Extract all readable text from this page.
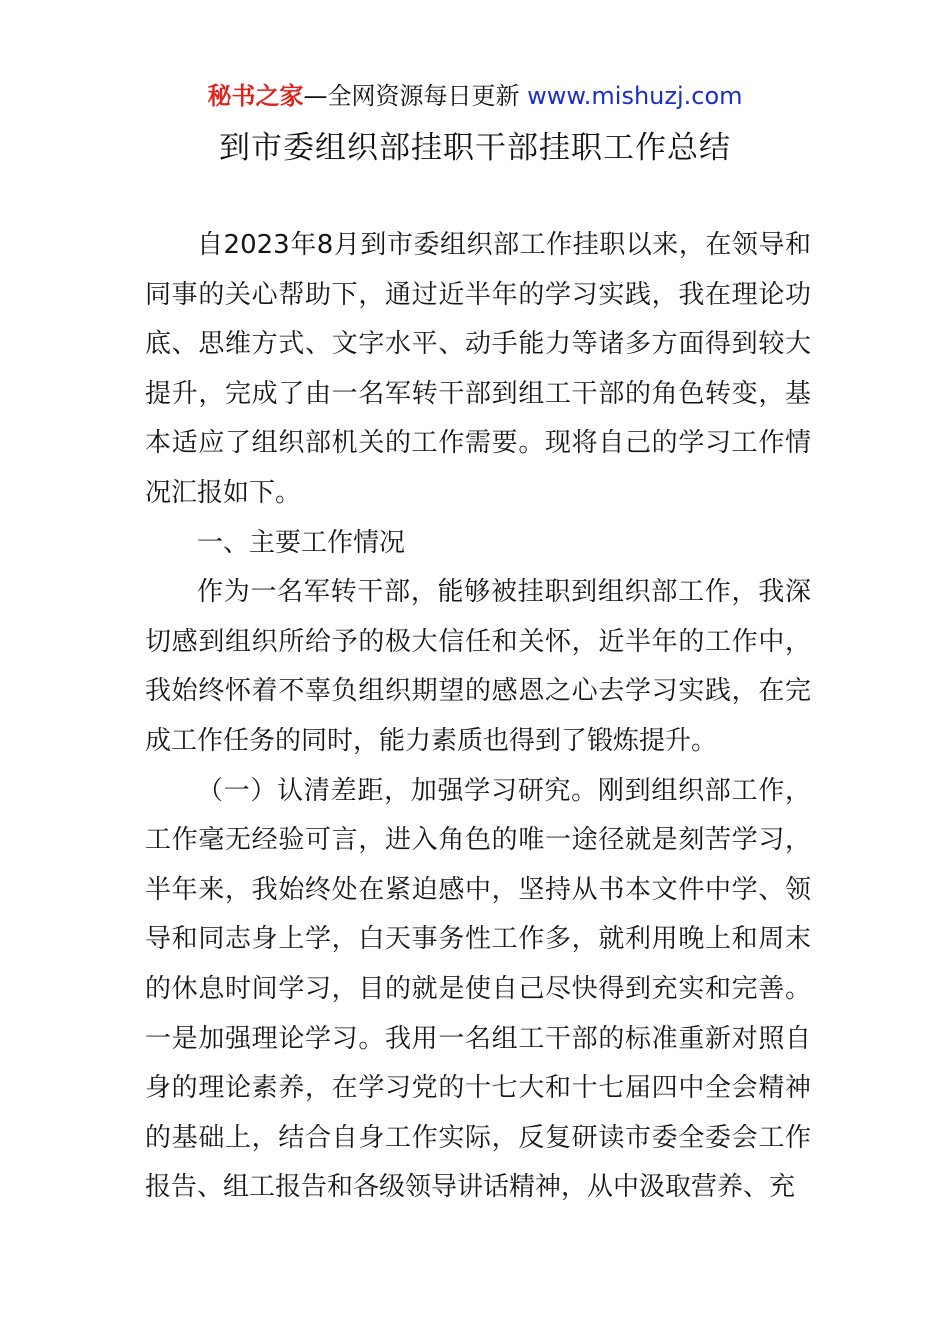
秘书之家—全网资源每日更新 www.mishuzj.com
到市委组织部挂职干部挂职工作总结

自2023年8月到市委组织部工作挂职以来，在领导和同事的关心帮助下，通过近半年的学习实践，我在理论功底、思维方式、文字水平、动手能力等诸多方面得到较大提升，完成了由一名军转干部到组工干部的角色转变，基本适应了组织部机关的工作需要。现将自己的学习工作情况汇报如下。

一、主要工作情况

作为一名军转干部，能够被挂职到组织部工作，我深切感到组织所给予的极大信任和关怀，近半年的工作中，我始终怀着不辜负组织期望的感恩之心去学习实践，在完成工作任务的同时，能力素质也得到了锻炼提升。

（一）认清差距，加强学习研究。刚到组织部工作，工作毫无经验可言，进入角色的唯一途径就是刻苦学习，半年来，我始终处在紧迫感中，坚持从书本文件中学、领导和同志身上学，白天事务性工作多，就利用晚上和周末的休息时间学习，目的就是使自己尽快得到充实和完善。一是加强理论学习。我用一名组工干部的标准重新对照自身的理论素养，在学习党的十七大和十七届四中全会精神的基础上，结合自身工作实际，反复研读市委全委会工作报告、组工报告和各级领导讲话精神，从中汲取营养、充
